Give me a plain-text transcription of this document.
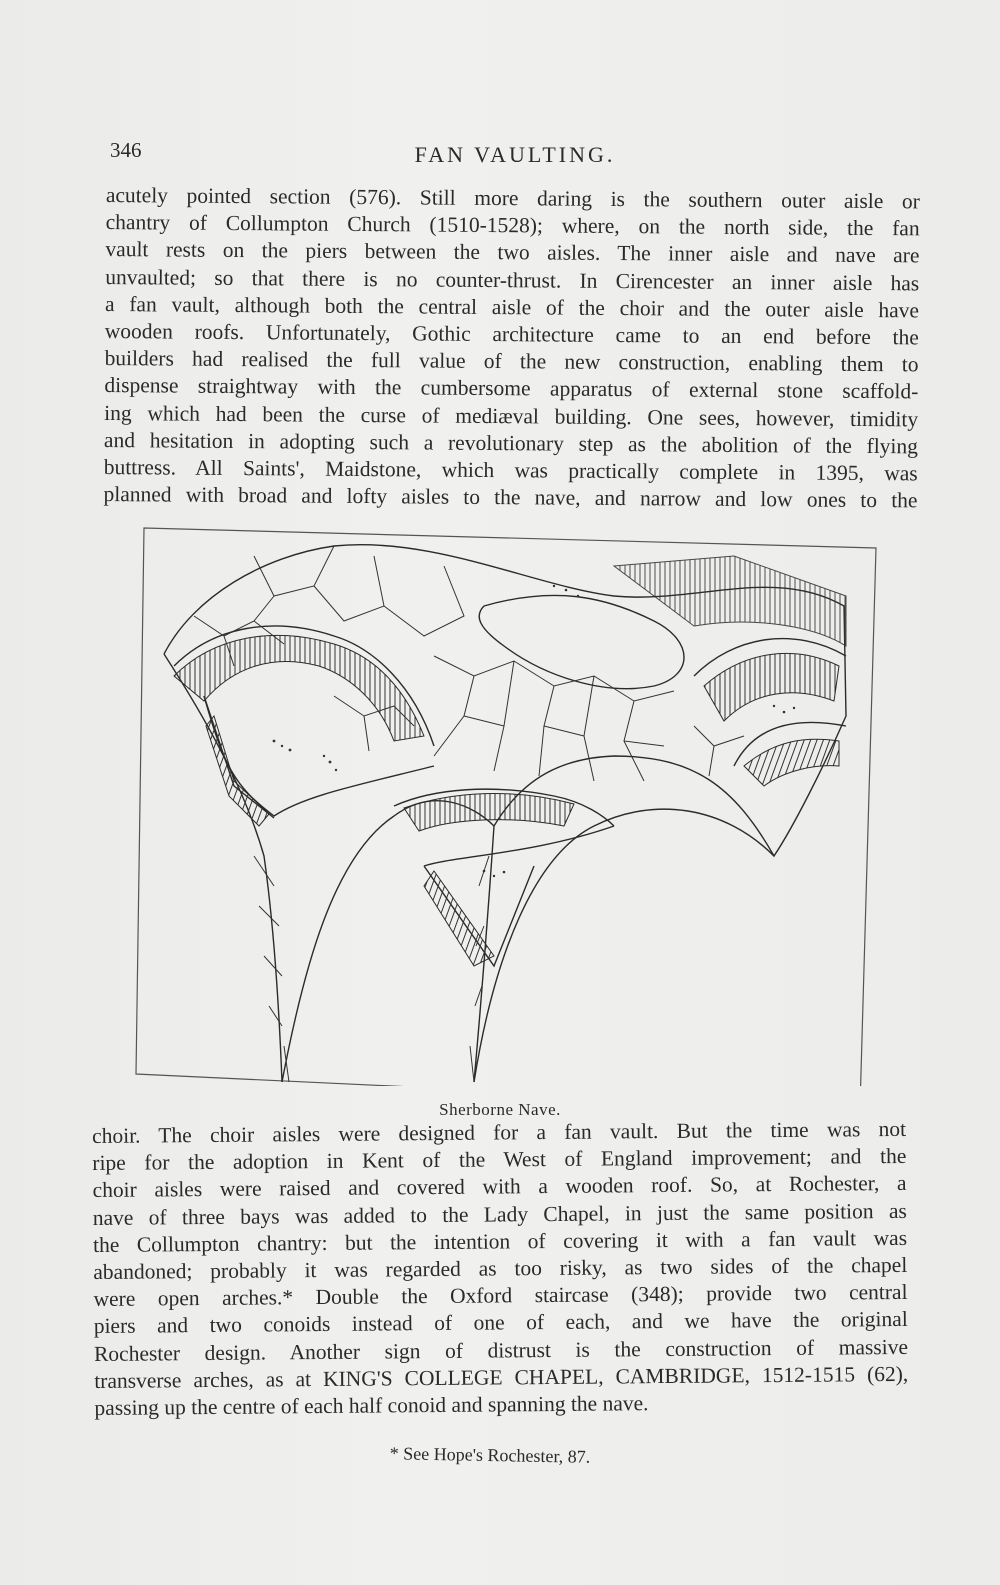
346	FAN VAULTING.
acutely pointed section (576). Still more daring is the southern outer aisle or
chantry of Collumpton Church (1510-1528); where, on the north side, the fan
vault rests on the piers between the two aisles. The inner aisle and nave are
unvaulted; so that there is no counter-thrust. In Cirencester an inner aisle has
a fan vault, although both the central aisle of the choir and the outer aisle have
wooden roofs. Unfortunately, Gothic architecture came to an end before the
builders had realised the full value of the new construction, enabling them to
dispense straightway with the cumbersome apparatus of external stone scaffold-
ing which had been the curse of mediæval building. One sees, however, timidity
and hesitation in adopting such a revolutionary step as the abolition of the flying
buttress. All Saints', Maidstone, which was practically complete in 1395, was
planned with broad and lofty aisles to the nave, and narrow and low ones to the
Sherborne Nave.
choir. The choir aisles were designed for a fan vault. But the time was not
ripe for the adoption in Kent of the West of England improvement; and the
choir aisles were raised and covered with a wooden roof. So, at Rochester, a
nave of three bays was added to the Lady Chapel, in just the same position as
the Collumpton chantry: but the intention of covering it with a fan vault was
abandoned; probably it was regarded as too risky, as two sides of the chapel
were open arches.* Double the Oxford staircase (348); provide two central
piers and two conoids instead of one of each, and we have the original
Rochester design. Another sign of distrust is the construction of massive
transverse arches, as at KING'S COLLEGE CHAPEL, CAMBRIDGE, 1512-1515 (62),
passing up the centre of each half conoid and spanning the nave.
* See Hope's Rochester, 87.
